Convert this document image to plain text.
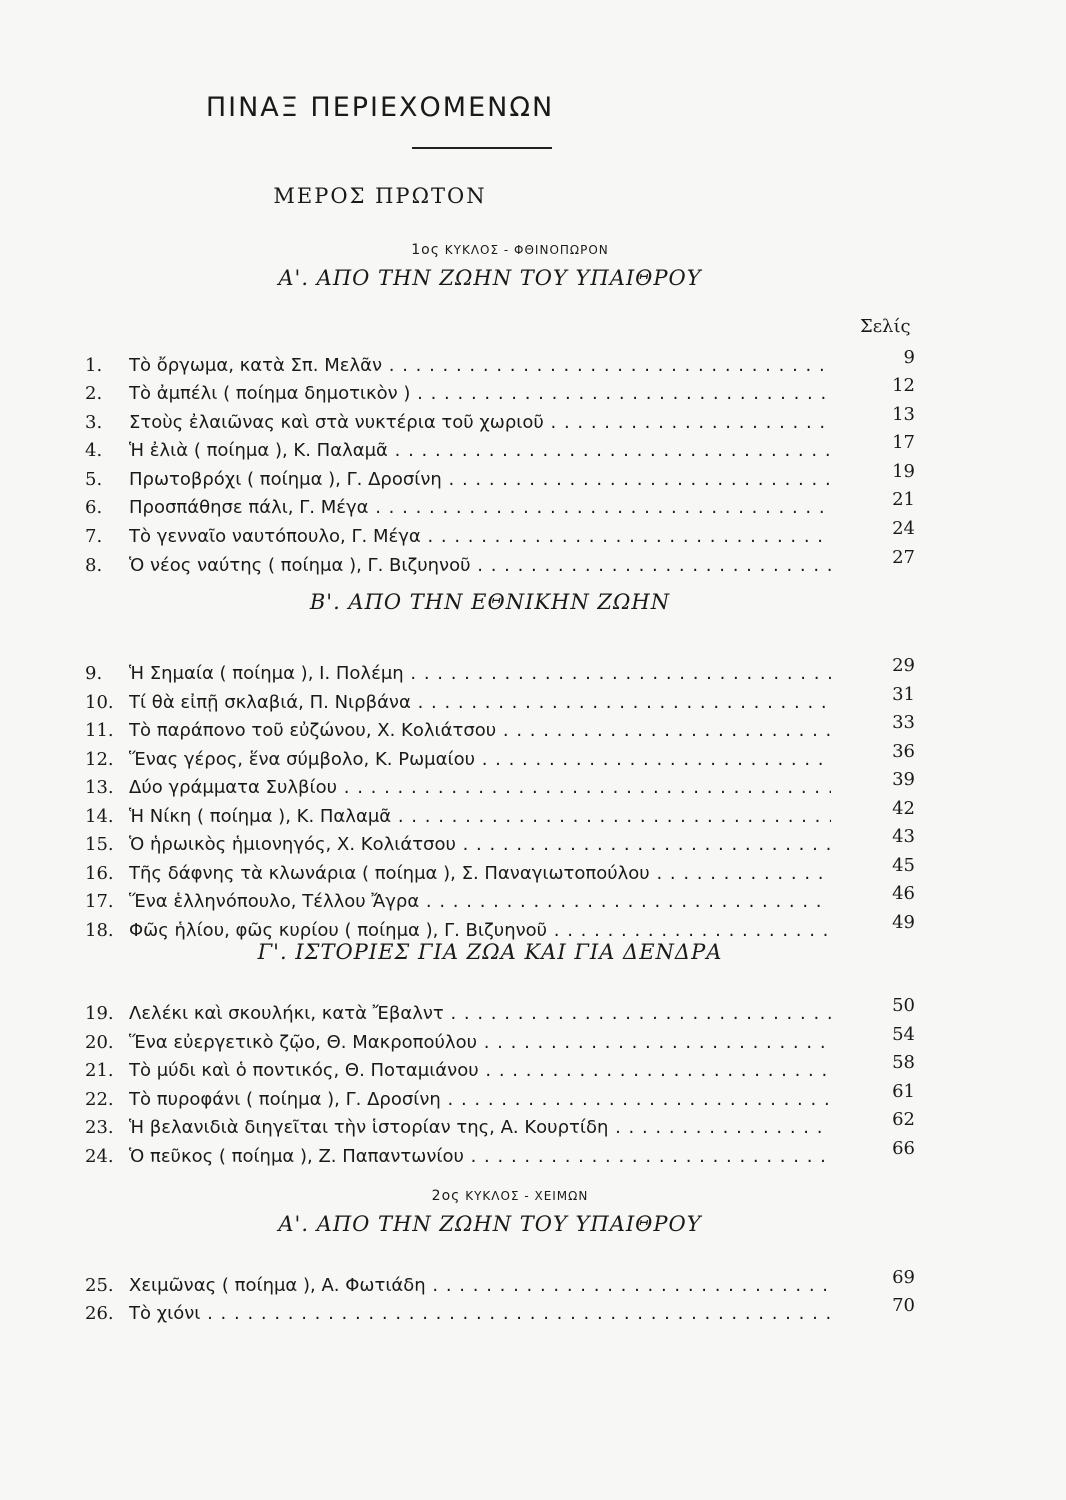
ΠΙΝΑΞ ΠΕΡΙΕΧΟΜΕΝΩΝ
ΜΕΡΟΣ ΠΡΩΤΟΝ
1ος ΚΥΚΛΟΣ - ΦΘΙΝΟΠΩΡΟΝ
Α'. ΑΠΟ ΤΗΝ ΖΩΗΝ ΤΟΥ ΥΠΑΙΘΡΟΥ
Σελίς
Β'. ΑΠΟ ΤΗΝ ΕΘΝΙΚΗΝ ΖΩΗΝ
Γ'. ΙΣΤΟΡΙΕΣ ΓΙΑ ΖΩΑ ΚΑΙ ΓΙΑ ΔΕΝΔΡΑ
2ος ΚΥΚΛΟΣ - ΧΕΙΜΩΝ
Α'. ΑΠΟ ΤΗΝ ΖΩΗΝ ΤΟΥ ΥΠΑΙΘΡΟΥ
1.	Τὸ ὄργωμα, κατὰ Σπ. Μελᾶν . . .	9
2.	Τὸ ἀμπέλι ( ποίημα δημοτικὸν ) . . .	12
3.	Στοὺς ἐλαιῶνας καὶ στὰ νυκτέρια τοῦ χωριοῦ . . .	13
4.	Ἡ ἐλιὰ ( ποίημα ), Κ. Παλαμᾶ . . .	17
5.	Πρωτοβρόχι ( ποίημα ), Γ. Δροσίνη . . .	19
6.	Προσπάθησε πάλι, Γ. Μέγα . . .	21
7.	Τὸ γενναῖο ναυτόπουλο, Γ. Μέγα . . .	24
8.	Ὁ νέος ναύτης ( ποίημα ), Γ. Βιζυηνοῦ . . .	27
9.	Ἡ Σημαία ( ποίημα ), Ι. Πολέμη . . .	29
10. Τί θὰ εἰπῇ σκλαβιά, Π. Νιρβάνα . . .	31
11. Τὸ παράπονο τοῦ εὐζώνου, Χ. Κολιάτσου . . .	33
12. Ἕνας γέρος, ἕνα σύμβολο, Κ. Ρωμαίου . . .	36
13. Δύο γράμματα Συλβίου . . .	39
14. Ἡ Νίκη ( ποίημα ), Κ. Παλαμᾶ . . .	42
15. Ὁ ἡρωικὸς ἡμιονηγός, Χ. Κολιάτσου . . .	43
16. Τῆς δάφνης τὰ κλωνάρια ( ποίημα ), Σ. Παναγιωτοπούλου . . .	45
17. Ἕνα ἑλληνόπουλο, Τέλλου Ἄγρα . . .	46
18. Φῶς ἡλίου, φῶς κυρίου ( ποίημα ), Γ. Βιζυηνοῦ . . .	49
19. Λελέκι καὶ σκουλήκι, κατὰ Ἔβαλντ . . .	50
20. Ἕνα εὐεργετικὸ ζῷο, Θ. Μακροπούλου . . .	54
21. Τὸ μύδι καὶ ὁ ποντικός, Θ. Ποταμιάνου . . .	58
22. Τὸ πυροφάνι ( ποίημα ), Γ. Δροσίνη . . .	61
23. Ἡ βελανιδιὰ διηγεῖται τὴν ἱστορίαν της, Α. Κουρτίδη . . .	62
24. Ὁ πεῦκος ( ποίημα ), Ζ. Παπαντωνίου . . .	66
25. Χειμῶνας ( ποίημα ), Α. Φωτιάδη . . .	69
26. Τὸ χιόνι . . .	70
